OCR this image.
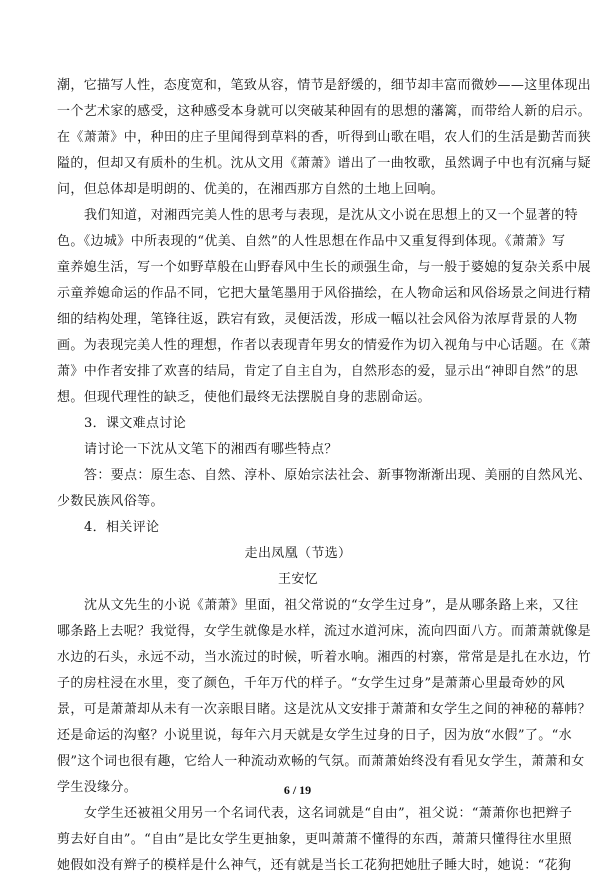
潮，它描写人性，态度宽和，笔致从容，情节是舒缓的，细节却丰富而微妙——这里体现出
一个艺术家的感受，这种感受本身就可以突破某种固有的思想的藩篱，而带给人新的启示。
在《萧萧》中，种田的庄子里闻得到草料的香，听得到山歌在唱，农人们的生活是勤苦而狭
隘的，但却又有质朴的生机。沈从文用《萧萧》谱出了一曲牧歌，虽然调子中也有沉痛与疑
问，但总体却是明朗的、优美的，在湘西那方自然的土地上回响。
我们知道，对湘西完美人性的思考与表现，是沈从文小说在思想上的又一个显著的特
色。《边城》中所表现的“优美、自然”的人性思想在作品中又重复得到体现。《萧萧》写
童养媳生活，写一个如野草般在山野春风中生长的顽强生命，与一般于婆媳的复杂关系中展
示童养媳命运的作品不同，它把大量笔墨用于风俗描绘，在人物命运和风俗场景之间进行精
细的结构处理，笔锋往返，跌宕有致，灵便活泼，形成一幅以社会风俗为浓厚背景的人物
画。为表现完美人性的理想，作者以表现青年男女的情爱作为切入视角与中心话题。在《萧
萧》中作者安排了欢喜的结局，肯定了自主自为，自然形态的爱，显示出“神即自然”的思
想。但现代理性的缺乏，使他们最终无法摆脱自身的悲剧命运。
3．课文难点讨论
请讨论一下沈从文笔下的湘西有哪些特点？
答：要点：原生态、自然、淳朴、原始宗法社会、新事物渐渐出现、美丽的自然风光、
少数民族风俗等。
4．相关评论
走出凤凰（节选）
王安忆
沈从文先生的小说《萧萧》里面，祖父常说的“女学生过身”，是从哪条路上来，又往
哪条路上去呢？我觉得，女学生就像是水样，流过水道河床，流向四面八方。而萧萧就像是
水边的石头，永远不动，当水流过的时候，听着水响。湘西的村寨，常常是是扎在水边，竹
子的房柱浸在水里，变了颜色，千年万代的样子。“女学生过身”是萧萧心里最奇妙的风
景，可是萧萧却从未有一次亲眼目睹。这是沈从文安排于萧萧和女学生之间的神秘的幕帏？
还是命运的沟壑？小说里说，每年六月天就是女学生过身的日子，因为放“水假”了。“水
假”这个词也很有趣，它给人一种流动欢畅的气氛。而萧萧始终没有看见女学生，萧萧和女
学生没缘分。
女学生还被祖父用另一个名词代表，这名词就是“自由”，祖父说：“萧萧你也把辫子
剪去好自由”。“自由”是比女学生更抽象，更叫萧萧不懂得的东西，萧萧只懂得往水里照
她假如没有辫子的模样是什么神气，还有就是当长工花狗把她肚子睡大时，她说：“花狗
6 / 19
